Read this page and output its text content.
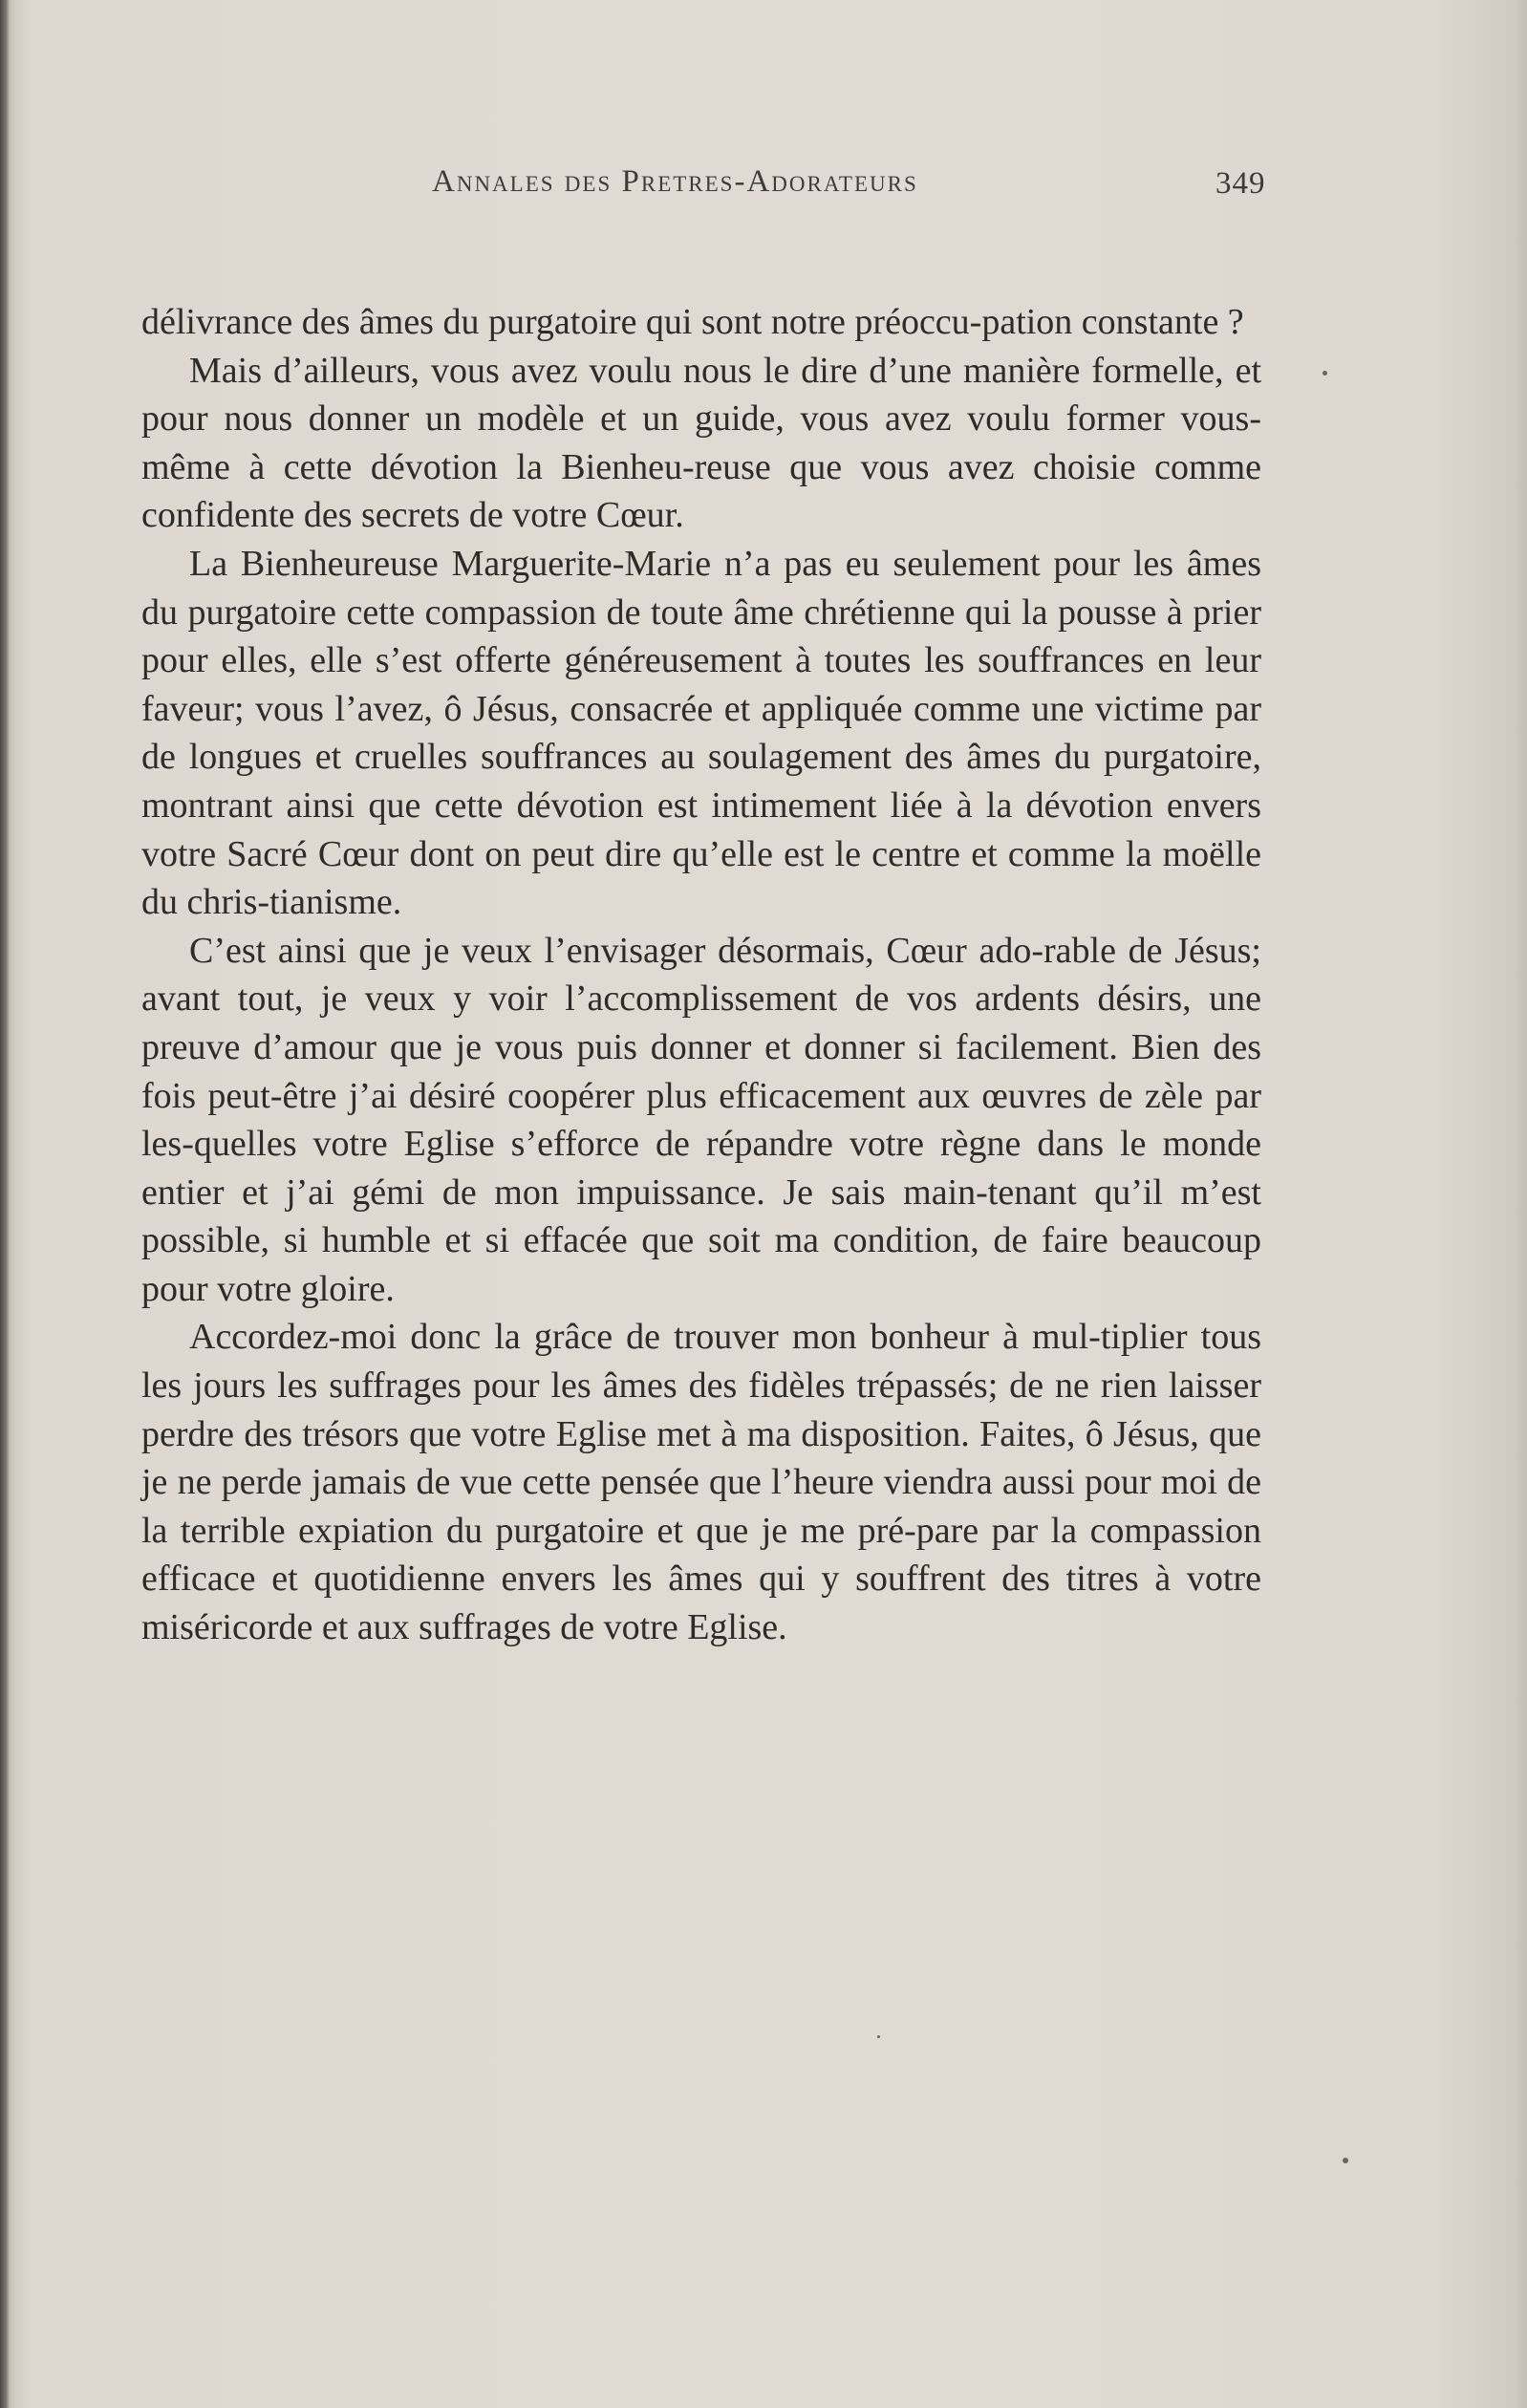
Annales des Pretres-Adorateurs	349

délivrance des âmes du purgatoire qui sont notre préoccu-pation constante ?

Mais d’ailleurs, vous avez voulu nous le dire d’une manière formelle, et pour nous donner un modèle et un guide, vous avez voulu former vous-même à cette dévotion la Bienheu-reuse que vous avez choisie comme confidente des secrets de votre Cœur.

La Bienheureuse Marguerite-Marie n’a pas eu seulement pour les âmes du purgatoire cette compassion de toute âme chrétienne qui la pousse à prier pour elles, elle s’est offerte généreusement à toutes les souffrances en leur faveur; vous l’avez, ô Jésus, consacrée et appliquée comme une victime par de longues et cruelles souffrances au soulagement des âmes du purgatoire, montrant ainsi que cette dévotion est intimement liée à la dévotion envers votre Sacré Cœur dont on peut dire qu’elle est le centre et comme la moëlle du chris-tianisme.

C’est ainsi que je veux l’envisager désormais, Cœur ado-rable de Jésus; avant tout, je veux y voir l’accomplissement de vos ardents désirs, une preuve d’amour que je vous puis donner et donner si facilement. Bien des fois peut-être j’ai désiré coopérer plus efficacement aux œuvres de zèle par les-quelles votre Eglise s’efforce de répandre votre règne dans le monde entier et j’ai gémi de mon impuissance. Je sais main-tenant qu’il m’est possible, si humble et si effacée que soit ma condition, de faire beaucoup pour votre gloire.

Accordez-moi donc la grâce de trouver mon bonheur à mul-tiplier tous les jours les suffrages pour les âmes des fidèles trépassés; de ne rien laisser perdre des trésors que votre Eglise met à ma disposition. Faites, ô Jésus, que je ne perde jamais de vue cette pensée que l’heure viendra aussi pour moi de la terrible expiation du purgatoire et que je me pré-pare par la compassion efficace et quotidienne envers les âmes qui y souffrent des titres à votre miséricorde et aux suffrages de votre Eglise.
